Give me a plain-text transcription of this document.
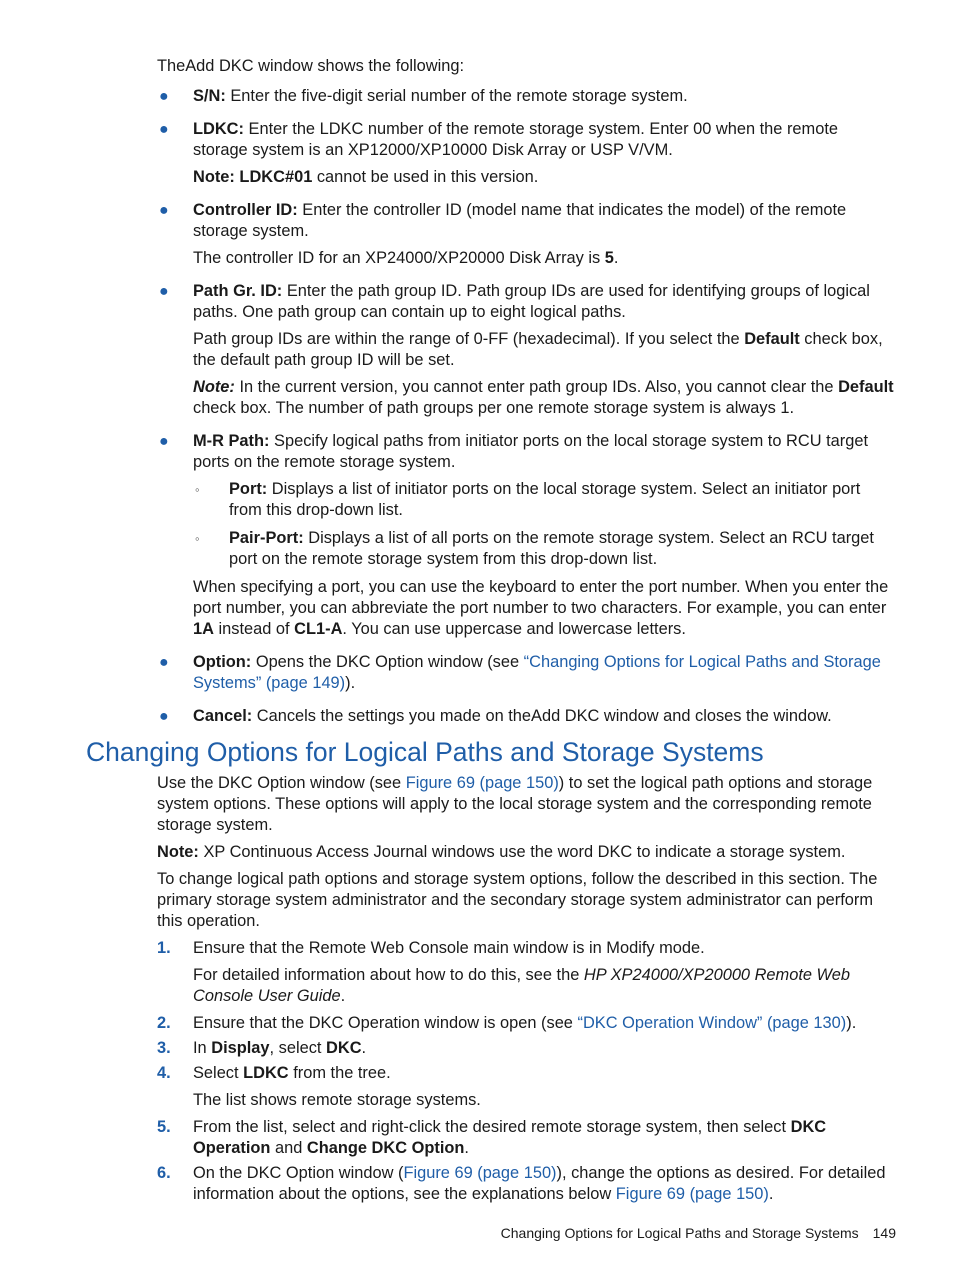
TheAdd DKC window shows the following:

● S/N: Enter the five-digit serial number of the remote storage system.
● LDKC: Enter the LDKC number of the remote storage system. Enter 00 when the remote storage system is an XP12000/XP10000 Disk Array or USP V/VM.

Note: LDKC#01 cannot be used in this version.

● Controller ID: Enter the controller ID (model name that indicates the model) of the remote storage system.

The controller ID for an XP24000/XP20000 Disk Array is 5.

● Path Gr. ID: Enter the path group ID. Path group IDs are used for identifying groups of logical paths. One path group can contain up to eight logical paths.

Path group IDs are within the range of 0-FF (hexadecimal). If you select the Default check box, the default path group ID will be set.

Note: In the current version, you cannot enter path group IDs. Also, you cannot clear the Default check box. The number of path groups per one remote storage system is always 1.

● M-R Path: Specify logical paths from initiator ports on the local storage system to RCU target ports on the remote storage system.

◦ Port: Displays a list of initiator ports on the local storage system. Select an initiator port from this drop-down list.
◦ Pair-Port: Displays a list of all ports on the remote storage system. Select an RCU target port on the remote storage system from this drop-down list.

When specifying a port, you can use the keyboard to enter the port number. When you enter the port number, you can abbreviate the port number to two characters. For example, you can enter 1A instead of CL1-A. You can use uppercase and lowercase letters.

● Option: Opens the DKC Option window (see “Changing Options for Logical Paths and Storage Systems” (page 149)).
● Cancel: Cancels the settings you made on theAdd DKC window and closes the window.
Changing Options for Logical Paths and Storage Systems

Use the DKC Option window (see Figure 69 (page 150)) to set the logical path options and storage system options. These options will apply to the local storage system and the corresponding remote storage system.

Note: XP Continuous Access Journal windows use the word DKC to indicate a storage system.

To change logical path options and storage system options, follow the described in this section. The primary storage system administrator and the secondary storage system administrator can perform this operation.

1. Ensure that the Remote Web Console main window is in Modify mode.

For detailed information about how to do this, see the HP XP24000/XP20000 Remote Web Console User Guide.

2. Ensure that the DKC Operation window is open (see “DKC Operation Window” (page 130)).
3. In Display, select DKC.
4. Select LDKC from the tree.

The list shows remote storage systems.

5. From the list, select and right-click the desired remote storage system, then select DKC Operation and Change DKC Option.
6. On the DKC Option window (Figure 69 (page 150)), change the options as desired. For detailed information about the options, see the explanations below Figure 69 (page 150).
Changing Options for Logical Paths and Storage Systems 149
